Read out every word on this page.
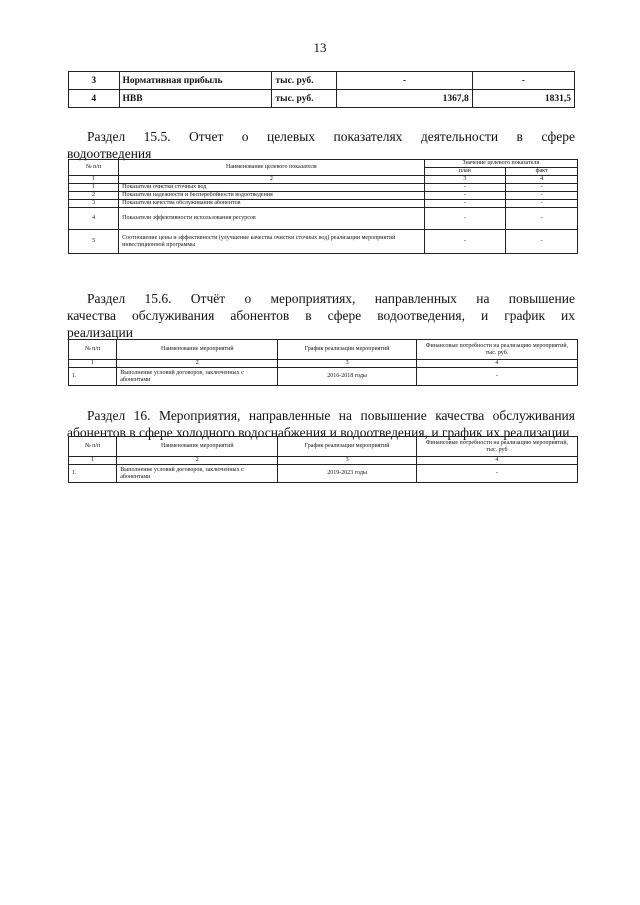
13
3	Нормативная прибыль	тыс. руб.	-	-
4	НВВ	тыс. руб.	1367,8	1831,5
Раздел 15.5. Отчет о целевых показателях деятельности в сфере
водоотведения
№ п/п	Наименование целевого показателя	Значение целевого показателя	
		план	факт
1	2	3	4
1	Показатели очистки сточных вод	-	-
2	Показатели надежности и бесперебойности водоотведения	-	-
3	Показатели качества обслуживания абонентов	-	-
4	Показатели эффективности использования ресурсов	-	-
5	Соотношение цены и эффективности (улучшение качества очистки сточных вод) реализации мероприятий инвестиционной программы	-	-
Раздел 15.6. Отчёт о мероприятиях, направленных на повышение
качества обслуживания абонентов в сфере водоотведения, и график их
реализации
№ п/п	Наименование мероприятий	График реализации мероприятий	Финансовые потребности на реализацию мероприятий, тыс. руб.
1	2	3	4
1.	Выполнение условий договоров, заключенных с абонентами	2016-2018 годы	-
Раздел 16. Мероприятия, направленные на повышение качества обслуживания
абонентов в сфере холодного водоснабжения и водоотведения, и график их реализации
№ п/п	Наименование мероприятий	График реализации мероприятий	Финансовые потребности на реализацию мероприятий, тыс. руб
1	2	3	4
1.	Выполнение условий договоров, заключенных с абонентами	2019-2023 годы	-
